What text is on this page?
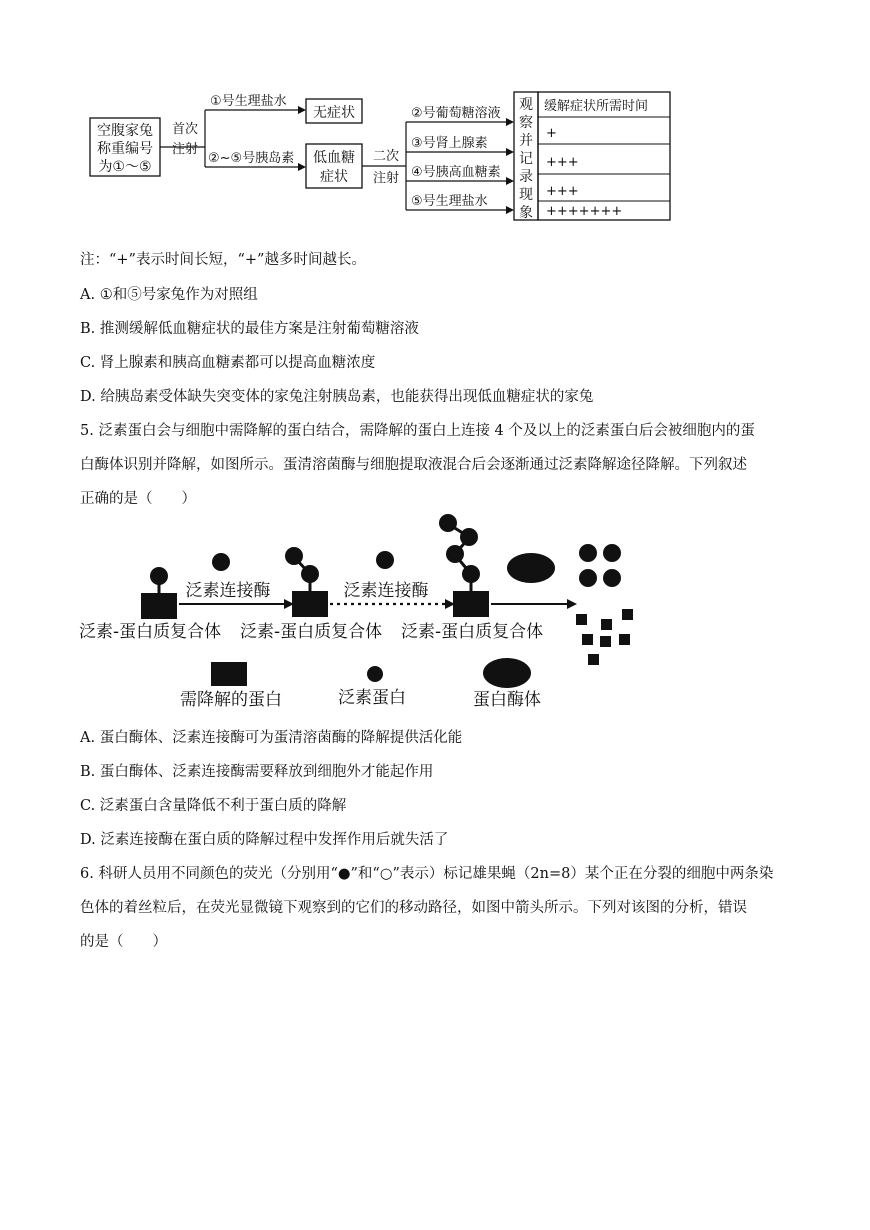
空腹家兔
称重编号
为①～⑤
首次
注射
①号生理盐水
②~⑤号胰岛素
无症状
低血糖
症状
二次
注射
②号葡萄糖溶液
③号肾上腺素
④号胰高血糖素
⑤号生理盐水
观
察
并
记
录
现
象
缓解症状所需时间
+
+++
+++
+++++++
注：“+”表示时间长短，“+”越多时间越长。
A. ①和⑤号家兔作为对照组
B. 推测缓解低血糖症状的最佳方案是注射葡萄糖溶液
C. 肾上腺素和胰高血糖素都可以提高血糖浓度
D. 给胰岛素受体缺失突变体的家兔注射胰岛素，也能获得出现低血糖症状的家兔
5. 泛素蛋白会与细胞中需降解的蛋白结合，需降解的蛋白上连接 4 个及以上的泛素蛋白后会被细胞内的蛋
白酶体识别并降解，如图所示。蛋清溶菌酶与细胞提取液混合后会逐渐通过泛素降解途径降解。下列叙述
正确的是（　　）
泛素连接酶	泛素连接酶
泛素-蛋白质复合体 泛素-蛋白质复合体 泛素-蛋白质复合体
需降解的蛋白	泛素蛋白	蛋白酶体
A. 蛋白酶体、泛素连接酶可为蛋清溶菌酶的降解提供活化能
B. 蛋白酶体、泛素连接酶需要释放到细胞外才能起作用
C. 泛素蛋白含量降低不利于蛋白质的降解
D. 泛素连接酶在蛋白质的降解过程中发挥作用后就失活了
6. 科研人员用不同颜色的荧光（分别用“●”和“○”表示）标记雄果蝇（2n=8）某个正在分裂的细胞中两条染
色体的着丝粒后，在荧光显微镜下观察到的它们的移动路径，如图中箭头所示。下列对该图的分析，错误
的是（　　）
